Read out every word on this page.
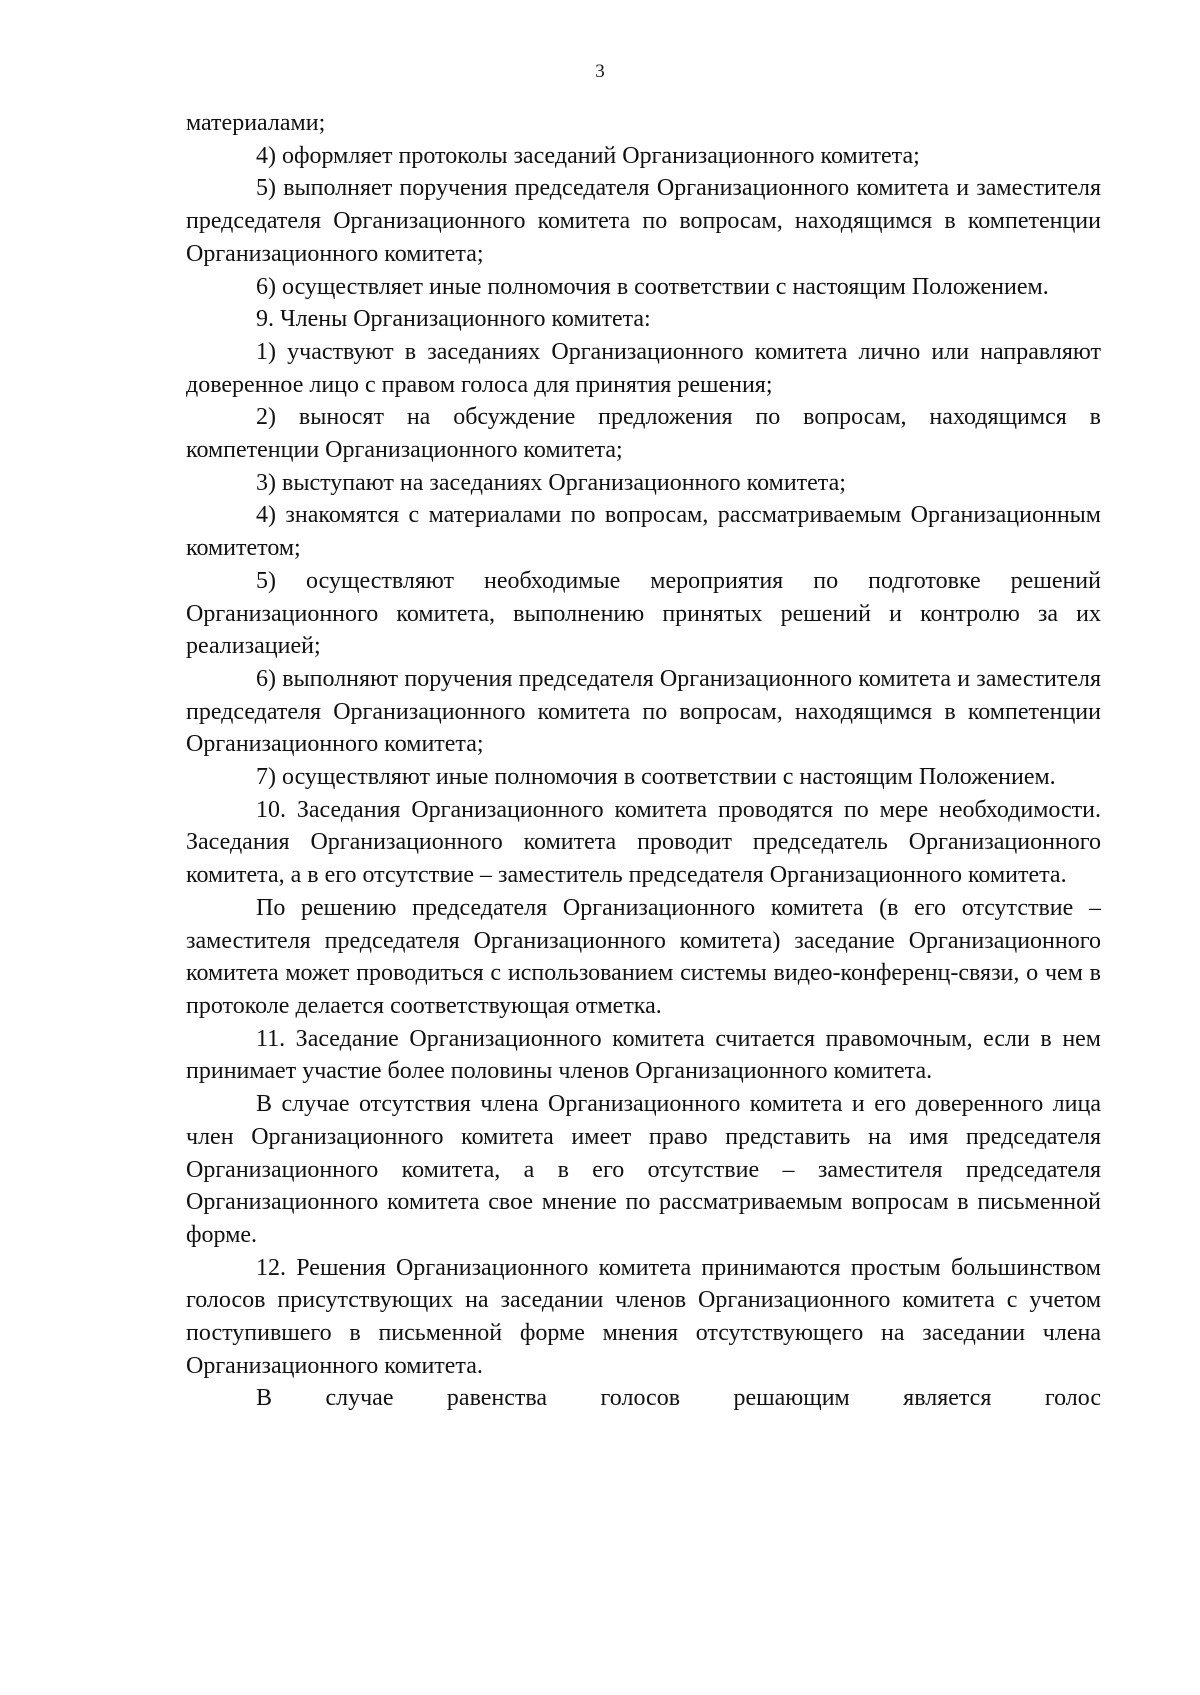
3

материалами;

4) оформляет протоколы заседаний Организационного комитета;

5) выполняет поручения председателя Организационного комитета и заместителя председателя Организационного комитета по вопросам, находящимся в компетенции Организационного комитета;

6) осуществляет иные полномочия в соответствии с настоящим Положением.

9. Члены Организационного комитета:

1) участвуют в заседаниях Организационного комитета лично или направляют доверенное лицо с правом голоса для принятия решения;

2) выносят на обсуждение предложения по вопросам, находящимся в компетенции Организационного комитета;

3) выступают на заседаниях Организационного комитета;

4) знакомятся с материалами по вопросам, рассматриваемым Организационным комитетом;

5) осуществляют необходимые мероприятия по подготовке решений Организационного комитета, выполнению принятых решений и контролю за их реализацией;

6) выполняют поручения председателя Организационного комитета и заместителя председателя Организационного комитета по вопросам, находящимся в компетенции Организационного комитета;

7) осуществляют иные полномочия в соответствии с настоящим Положением.

10. Заседания Организационного комитета проводятся по мере необходимости. Заседания Организационного комитета проводит председатель Организационного комитета, а в его отсутствие – заместитель председателя Организационного комитета.

По решению председателя Организационного комитета (в его отсутствие – заместителя председателя Организационного комитета) заседание Организационного комитета может проводиться с использованием системы видео-конференц-связи, о чем в протоколе делается соответствующая отметка.

11. Заседание Организационного комитета считается правомочным, если в нем принимает участие более половины членов Организационного комитета.

В случае отсутствия члена Организационного комитета и его доверенного лица член Организационного комитета имеет право представить на имя председателя Организационного комитета, а в его отсутствие – заместителя председателя Организационного комитета свое мнение по рассматриваемым вопросам в письменной форме.

12. Решения Организационного комитета принимаются простым большинством голосов присутствующих на заседании членов Организационного комитета с учетом поступившего в письменной форме мнения отсутствующего на заседании члена Организационного комитета.

В случае равенства голосов решающим является голос
